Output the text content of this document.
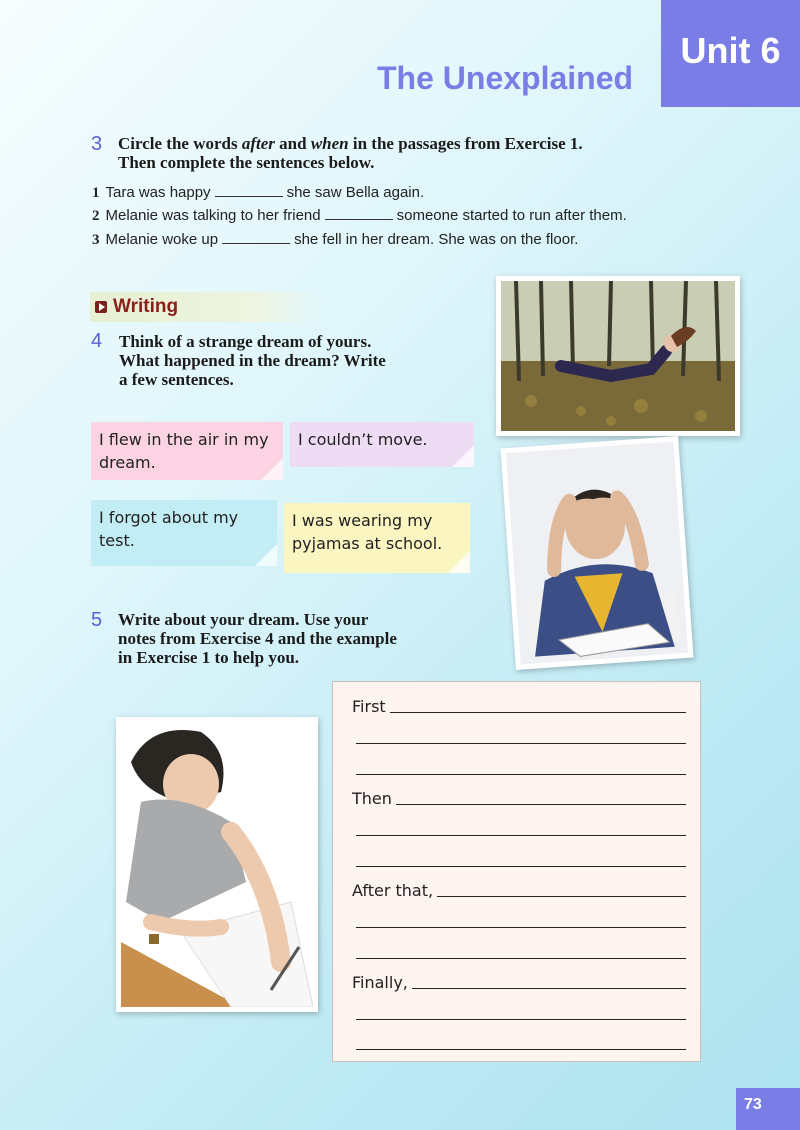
Unit 6
The Unexplained
3 Circle the words after and when in the passages from Exercise 1.
Then complete the sentences below.
1 Tara was happy	she saw Bella again.
2 Melanie was talking to her friend	someone started to run after them.
3 Melanie woke up	she fell in her dream. She was on the floor.
Writing
4 Think of a strange dream of yours.
What happened in the dream? Write
a few sentences.
I flew in the air in my dream.
I couldn’t move.
I forgot about my test.
I was wearing my pyjamas at school.
5 Write about your dream. Use your
notes from Exercise 4 and the example
in Exercise 1 to help you.
First
Then
After that,
Finally,
73
